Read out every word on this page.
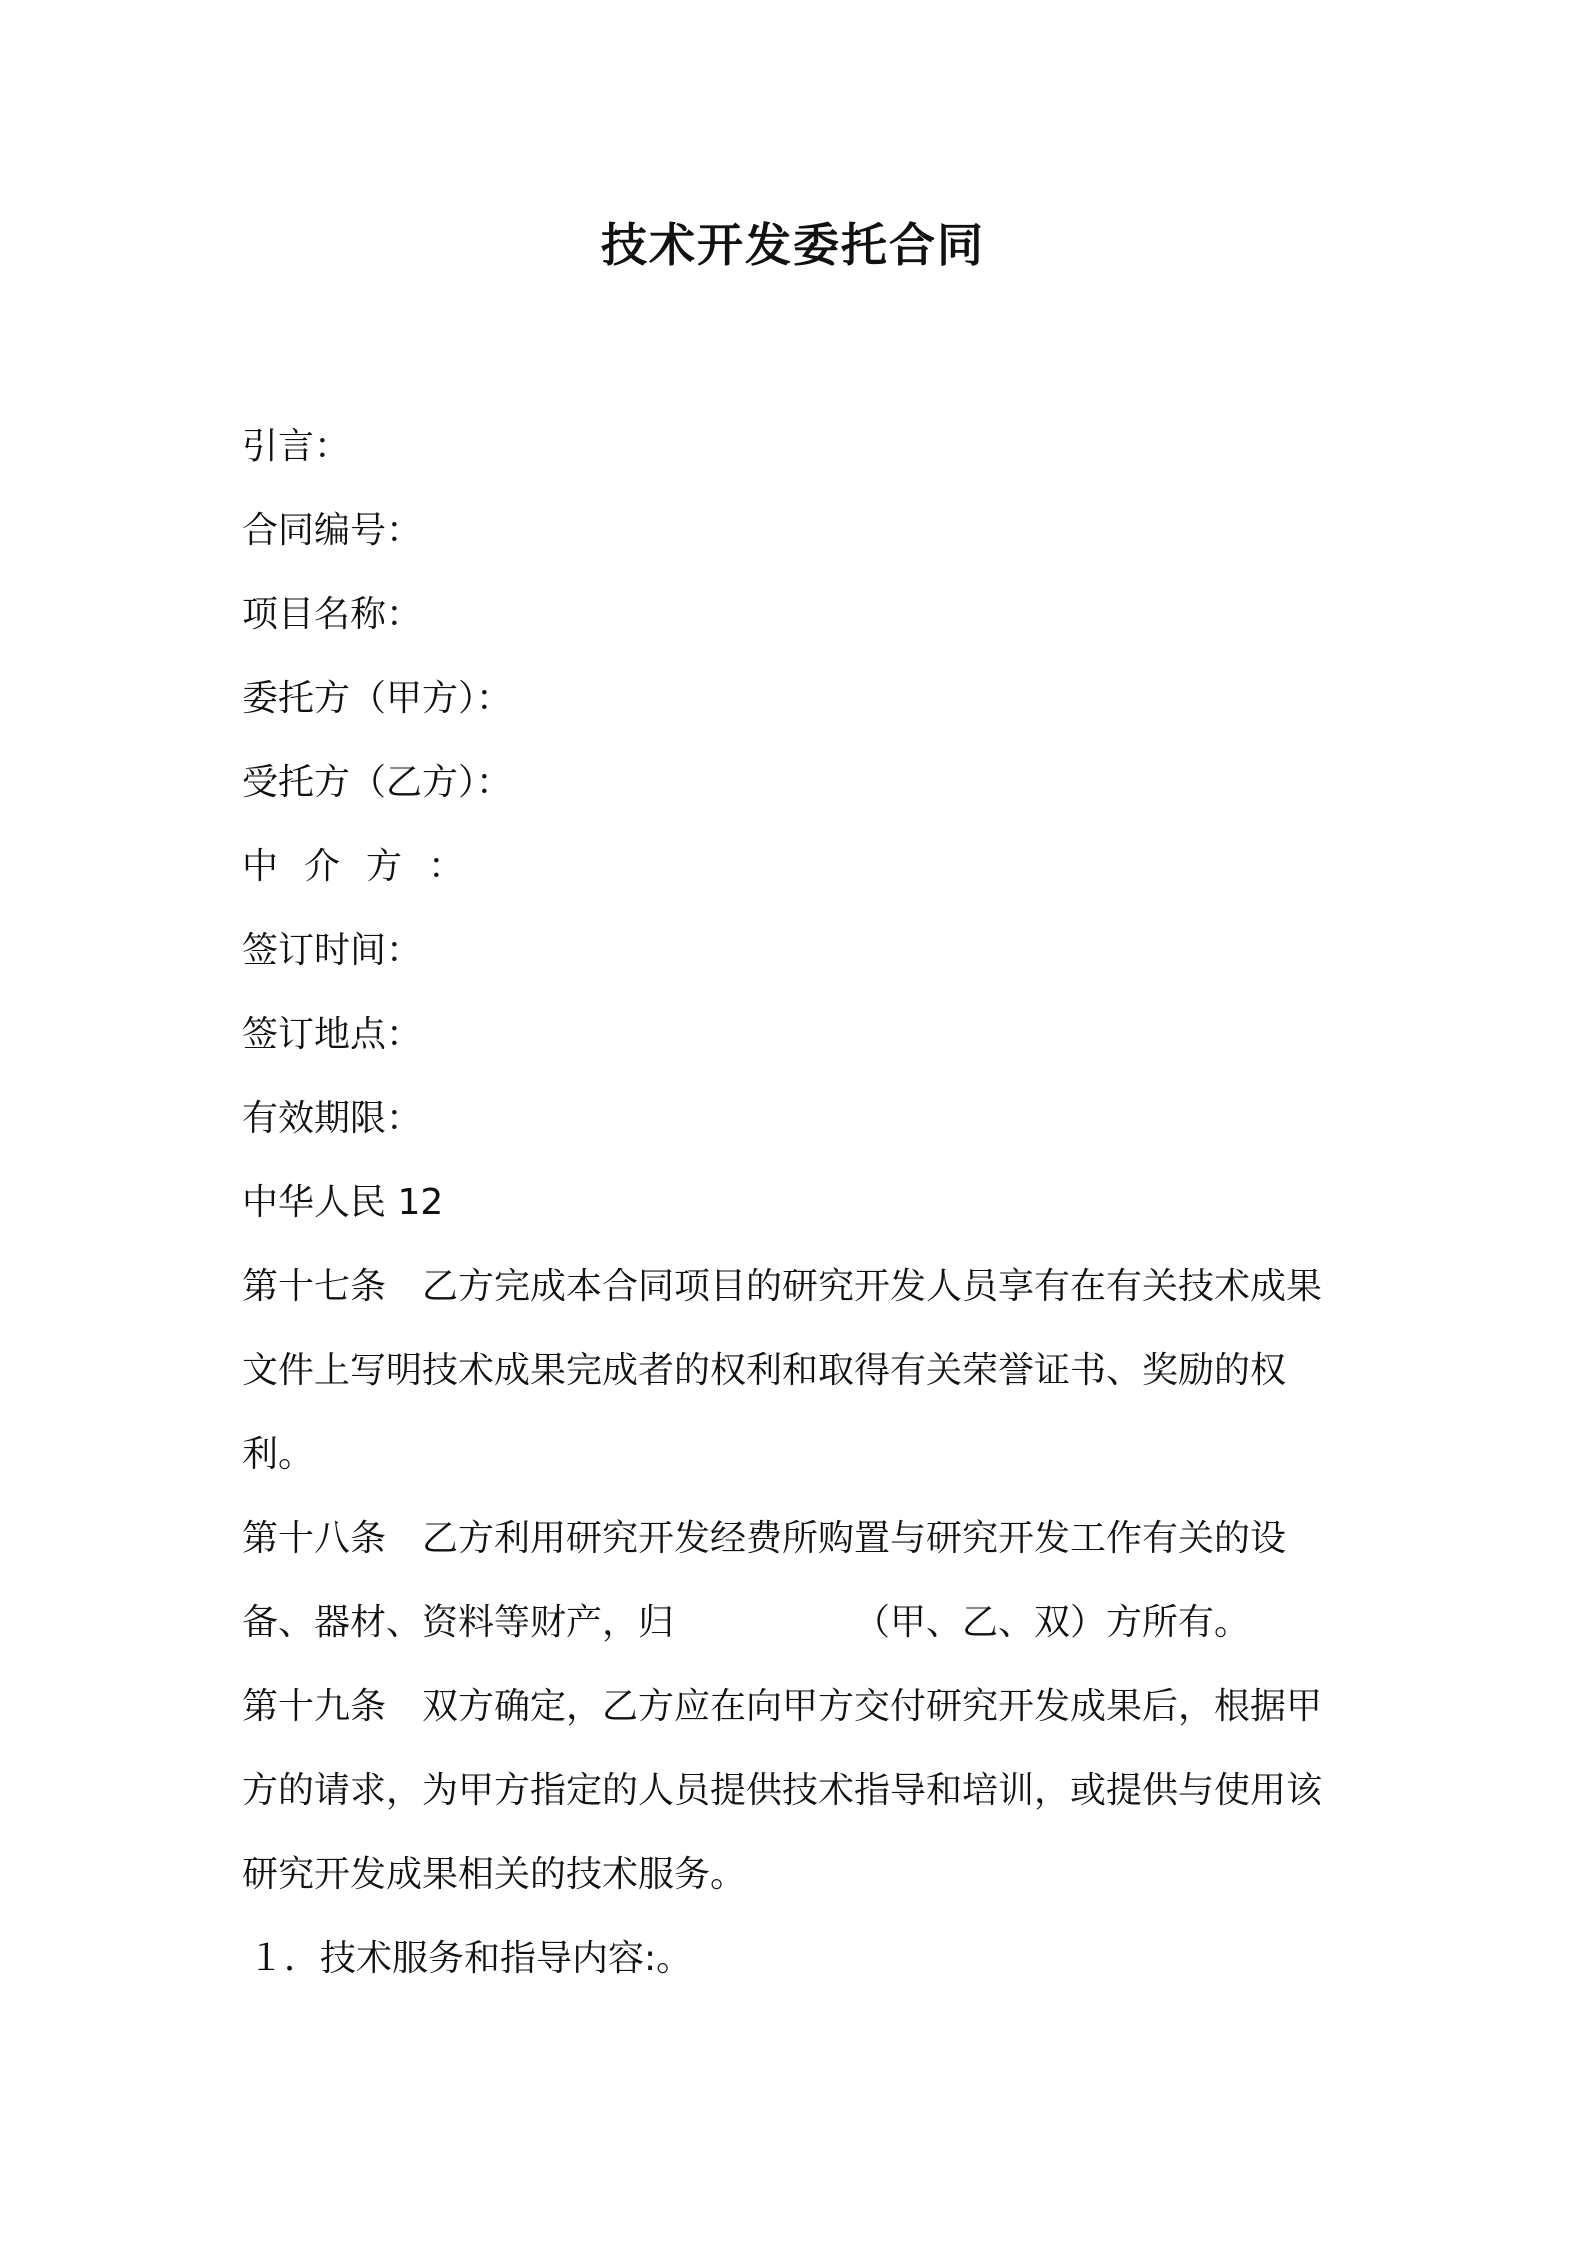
技术开发委托合同
引言：
合同编号：
项目名称：
委托方（甲方）：
受托方（乙方）：
中介方：
签订时间：
签订地点：
有效期限：
中华人民 12
第十七条 乙方完成本合同项目的研究开发人员享有在有关技术成果文件上写明技术成果完成者的权利和取得有关荣誉证书、奖励的权利。
第十八条 乙方利用研究开发经费所购置与研究开发工作有关的设备、器材、资料等财产，归	（甲、乙、双）方所有。
第十九条 双方确定，乙方应在向甲方交付研究开发成果后，根据甲方的请求，为甲方指定的人员提供技术指导和培训，或提供与使用该研究开发成果相关的技术服务。
１．技术服务和指导内容:。
